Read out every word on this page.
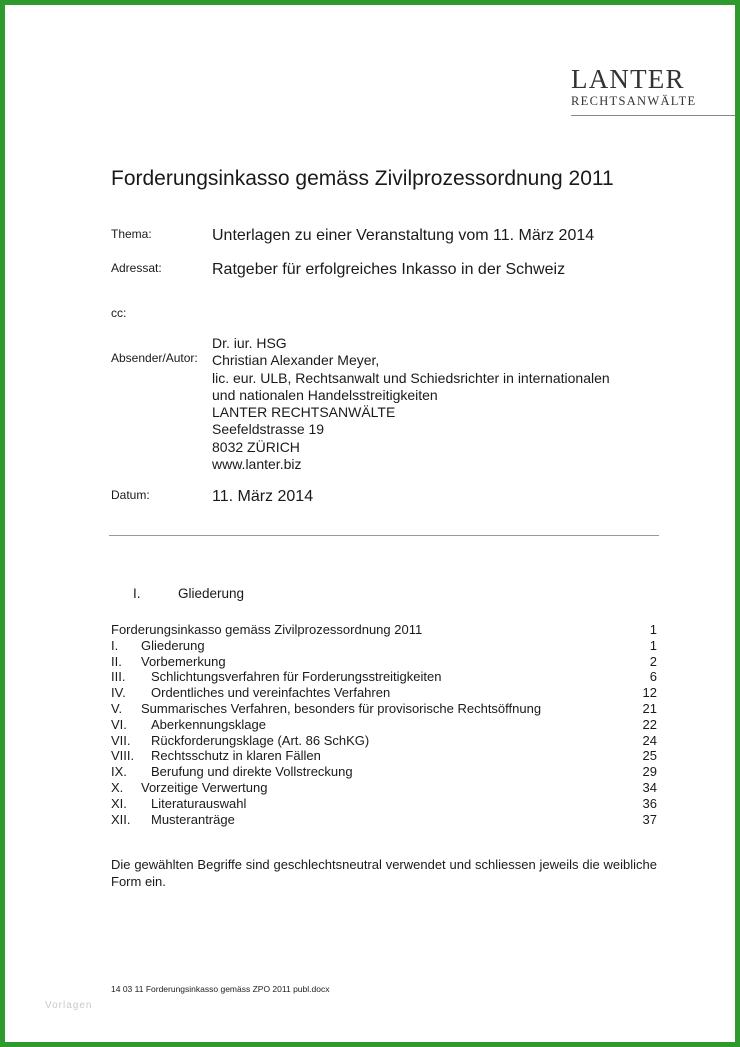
LANTER
RECHTSANWÄLTE
Forderungsinkasso gemäss Zivilprozessordnung 2011
Thema:	Unterlagen zu einer Veranstaltung vom 11. März 2014
Adressat:	Ratgeber für erfolgreiches Inkasso in der Schweiz
cc:
Absender/Autor:
Dr. iur. HSG
Christian Alexander Meyer,
lic. eur. ULB, Rechtsanwalt und Schiedsrichter in internationalen
und nationalen Handelsstreitigkeiten
LANTER RECHTSANWÄLTE
Seefeldstrasse 19
8032 ZÜRICH
www.lanter.biz
Datum:	11. März 2014
I.	Gliederung
Forderungsinkasso gemäss Zivilprozessordnung 2011	1
I. Gliederung	1
II. Vorbemerkung	2
III. Schlichtungsverfahren für Forderungsstreitigkeiten	6
IV. Ordentliches und vereinfachtes Verfahren	12
V. Summarisches Verfahren, besonders für provisorische Rechtsöffnung	21
VI. Aberkennungsklage	22
VII. Rückforderungsklage (Art. 86 SchKG)	24
VIII. Rechtsschutz in klaren Fällen	25
IX. Berufung und direkte Vollstreckung	29
X. Vorzeitige Verwertung	34
XI. Literaturauswahl	36
XII. Musteranträge	37
Die gewählten Begriffe sind geschlechtsneutral verwendet und schliessen jeweils die weibliche Form ein.
14 03 11 Forderungsinkasso gemäss ZPO 2011 publ.docx
Vorlagen
